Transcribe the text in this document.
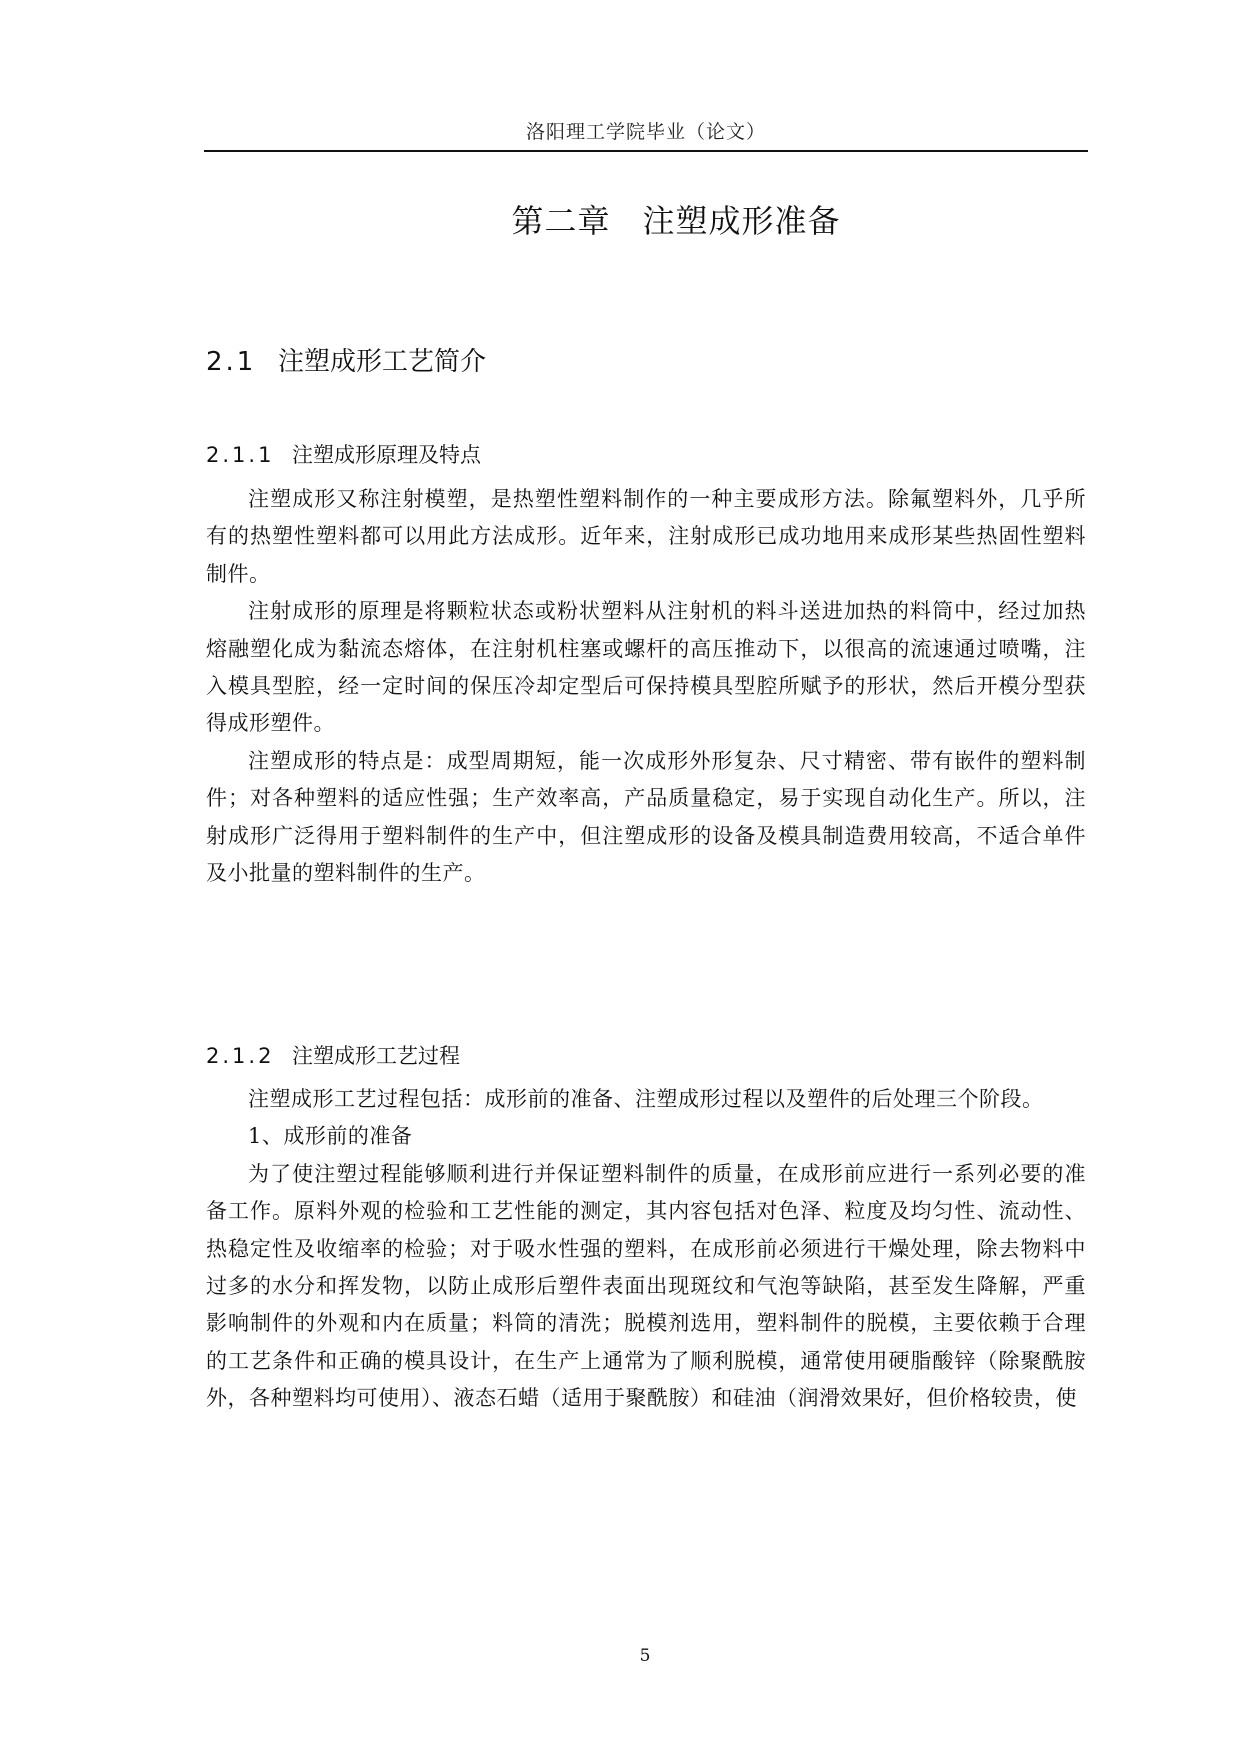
洛阳理工学院毕业（论文）
第二章 注塑成形准备
2.1 注塑成形工艺简介
2.1.1 注塑成形原理及特点

注塑成形又称注射模塑，是热塑性塑料制作的一种主要成形方法。除氟塑料外，几乎所有的热塑性塑料都可以用此方法成形。近年来，注射成形已成功地用来成形某些热固性塑料制件。

注射成形的原理是将颗粒状态或粉状塑料从注射机的料斗送进加热的料筒中，经过加热熔融塑化成为黏流态熔体，在注射机柱塞或螺杆的高压推动下，以很高的流速通过喷嘴，注入模具型腔，经一定时间的保压冷却定型后可保持模具型腔所赋予的形状，然后开模分型获得成形塑件。

注塑成形的特点是：成型周期短，能一次成形外形复杂、尺寸精密、带有嵌件的塑料制件；对各种塑料的适应性强；生产效率高，产品质量稳定，易于实现自动化生产。所以，注射成形广泛得用于塑料制件的生产中，但注塑成形的设备及模具制造费用较高，不适合单件及小批量的塑料制件的生产。

2.1.2 注塑成形工艺过程

注塑成形工艺过程包括：成形前的准备、注塑成形过程以及塑件的后处理三个阶段。

1、成形前的准备

为了使注塑过程能够顺利进行并保证塑料制件的质量，在成形前应进行一系列必要的准备工作。原料外观的检验和工艺性能的测定，其内容包括对色泽、粒度及均匀性、流动性、热稳定性及收缩率的检验；对于吸水性强的塑料，在成形前必须进行干燥处理，除去物料中过多的水分和挥发物，以防止成形后塑件表面出现斑纹和气泡等缺陷，甚至发生降解，严重影响制件的外观和内在质量；料筒的清洗；脱模剂选用，塑料制件的脱模，主要依赖于合理的工艺条件和正确的模具设计，在生产上通常为了顺利脱模，通常使用硬脂酸锌（除聚酰胺外，各种塑料均可使用）、液态石蜡（适用于聚酰胺）和硅油（润滑效果好，但价格较贵，使

5
